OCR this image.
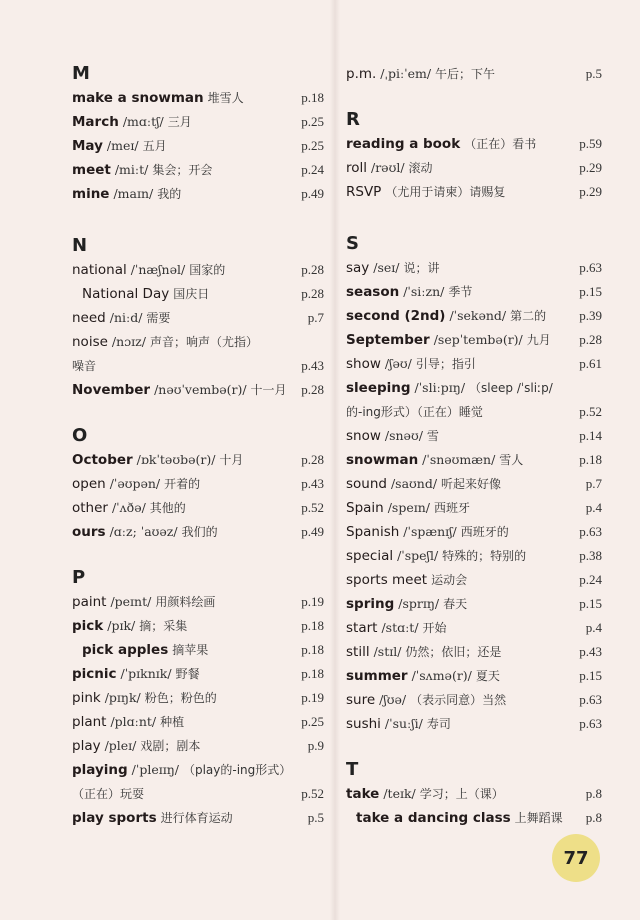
M
make a snowman 堆雪人	p.18
March /mɑːtʃ/ 三月	p.25
May /meɪ/ 五月	p.25
meet /miːt/ 集会；开会	p.24
mine /maɪn/ 我的	p.49
N
national /ˈnæʃnəl/ 国家的	p.28
National Day 国庆日	p.28
need /niːd/ 需要	p.7
noise /nɔɪz/ 声音；响声（尤指）
噪音	p.43
November /nəʊˈvembə(r)/ 十一月 p.28
O
October /ɒkˈtəʊbə(r)/ 十月	p.28
open /ˈəʊpən/ 开着的	p.43
other /ˈʌðə/ 其他的	p.52
ours /ɑːz; ˈaʊəz/ 我们的	p.49
P
paint /peɪnt/ 用颜料绘画	p.19
pick /pɪk/ 摘；采集	p.18
pick apples 摘苹果	p.18
picnic /ˈpɪknɪk/ 野餐	p.18
pink /pɪŋk/ 粉色；粉色的	p.19
plant /plɑːnt/ 种植	p.25
play /pleɪ/ 戏剧；剧本	p.9
playing /ˈpleɪɪŋ/ （play的-ing形式）
（正在）玩耍	p.52
play sports 进行体育运动	p.5
p.m. /ˌpiːˈem/ 午后；下午	p.5
R
reading a book （正在）看书	p.59
roll /rəʊl/ 滚动	p.29
RSVP （尤用于请柬）请赐复	p.29
S
say /seɪ/ 说；讲	p.63
season /ˈsiːzn/ 季节	p.15
second (2nd) /ˈsekənd/ 第二的	p.39
September /sepˈtembə(r)/ 九月 p.28
show /ʃəʊ/ 引导；指引	p.61
sleeping /ˈsliːpɪŋ/ （sleep /ˈsliːp/
的-ing形式）（正在）睡觉	p.52
snow /snəʊ/ 雪	p.14
snowman /ˈsnəʊmæn/ 雪人	p.18
sound /saʊnd/ 听起来好像	p.7
Spain /speɪn/ 西班牙	p.4
Spanish /ˈspænɪʃ/ 西班牙的	p.63
special /ˈspeʃl/ 特殊的；特别的	p.38
sports meet 运动会	p.24
spring /sprɪŋ/ 春天	p.15
start /stɑːt/ 开始	p.4
still /stɪl/ 仍然；依旧；还是	p.43
summer /ˈsʌmə(r)/ 夏天	p.15
sure /ʃʊə/ （表示同意）当然	p.63
sushi /ˈsuːʃi/ 寿司	p.63
T
take /teɪk/ 学习；上（课）	p.8
take a dancing class 上舞蹈课 p.8
77
